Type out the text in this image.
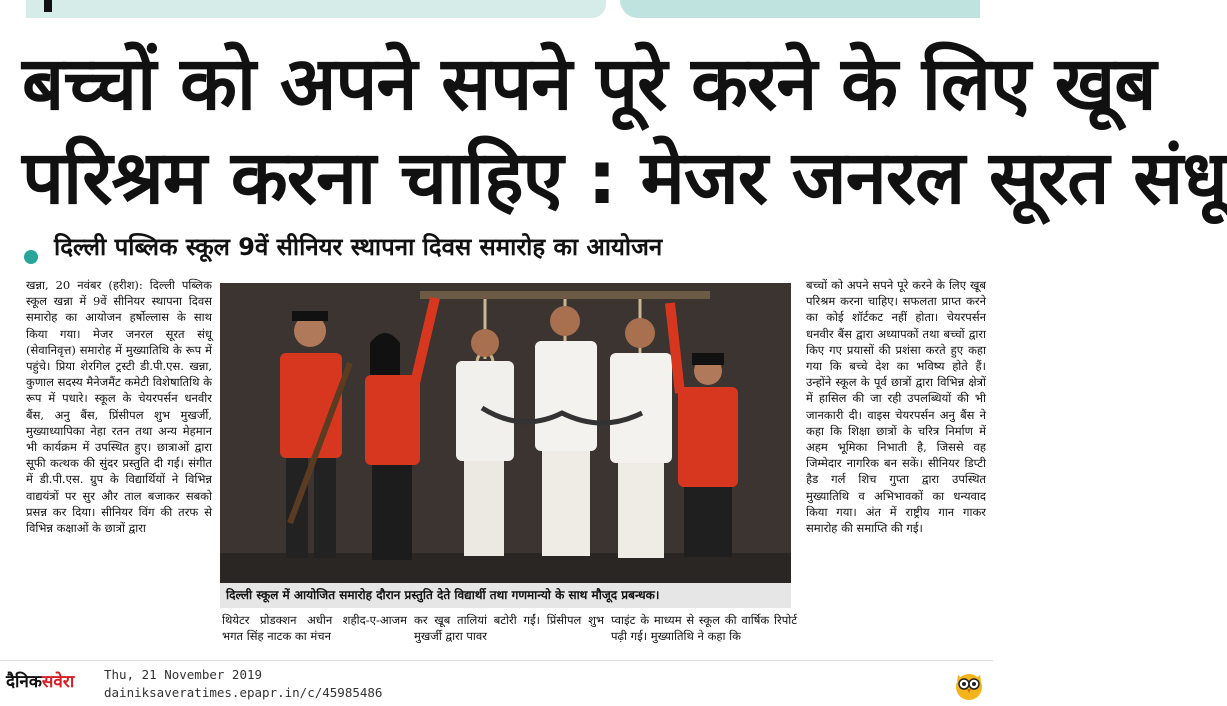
बच्चों को अपने सपने पूरे करने के लिए खूब
परिश्रम करना चाहिए : मेजर जनरल सूरत संधू
दिल्ली पब्लिक स्कूल 9वें सीनियर स्थापना दिवस समारोह का आयोजन
खन्ना, 20 नवंबर (हरीश): दिल्ली पब्लिक स्कूल खन्ना में 9वें सीनियर स्थापना दिवस समारोह का आयोजन हर्षोल्लास के साथ किया गया। मेजर जनरल सूरत संधू (सेवानिवृत्त) समारोह में मुख्यातिथि के रूप में पहुंचे। प्रिया शेरगिल ट्रस्टी डी.पी.एस. खन्ना, कुणाल सदस्य मैनेजमैंट कमेटी विशेषातिथि के रूप में पधारे। स्कूल के चेयरपर्सन धनवीर बैंस, अनु बैंस, प्रिंसीपल शुभ मुखर्जी, मुख्याध्यापिका नेहा रतन तथा अन्य मेहमान भी कार्यक्रम में उपस्थित हुए। छात्राओं द्वारा सूफी कत्थक की सुंदर प्रस्तुति दी गई। संगीत में डी.पी.एस. ग्रुप के विद्यार्थियों ने विभिन्न वाद्ययंत्रों पर सुर और ताल बजाकर सबको प्रसन्न कर दिया। सीनियर विंग की तरफ से विभिन्न कक्षाओं के छात्रों द्वारा
दिल्ली स्कूल में आयोजित समारोह दौरान प्रस्तुति देते विद्यार्थी तथा गणमान्यो के साथ मौजूद प्रबन्धक।
थियेटर प्रोडक्शन अधीन शहीद-ए-आजम भगत सिंह नाटक का मंचन
कर खूब तालियां बटोरी गईं। प्रिंसीपल शुभ मुखर्जी द्वारा पावर
प्वाइंट के माध्यम से स्कूल की वार्षिक रिपोर्ट पढ़ी गई। मुख्यातिथि ने कहा कि
बच्चों को अपने सपने पूरे करने के लिए खूब परिश्रम करना चाहिए। सफलता प्राप्त करने का कोई शॉर्टकट नहीं होता। चेयरपर्सन धनवीर बैंस द्वारा अध्यापकों तथा बच्चों द्वारा किए गए प्रयासों की प्रशंसा करते हुए कहा गया कि बच्चे देश का भविष्य होते हैं। उन्होंने स्कूल के पूर्व छात्रों द्वारा विभिन्न क्षेत्रों में हासिल की जा रही उपलब्धियों की भी जानकारी दी। वाइस चेयरपर्सन अनु बैंस ने कहा कि शिक्षा छात्रों के चरित्र निर्माण में अहम भूमिका निभाती है, जिससे वह जिम्मेदार नागरिक बन सकें। सीनियर डिप्टी हैड गर्ल शिच गुप्ता द्वारा उपस्थित मुख्यातिथि व अभिभावकों का धन्यवाद किया गया। अंत में राष्ट्रीय गान गाकर समारोह की समाप्ति की गई।
दैनिकसवेरा	Thu, 21 November 2019
dainiksaveratimes.epapr.in/c/45985486
